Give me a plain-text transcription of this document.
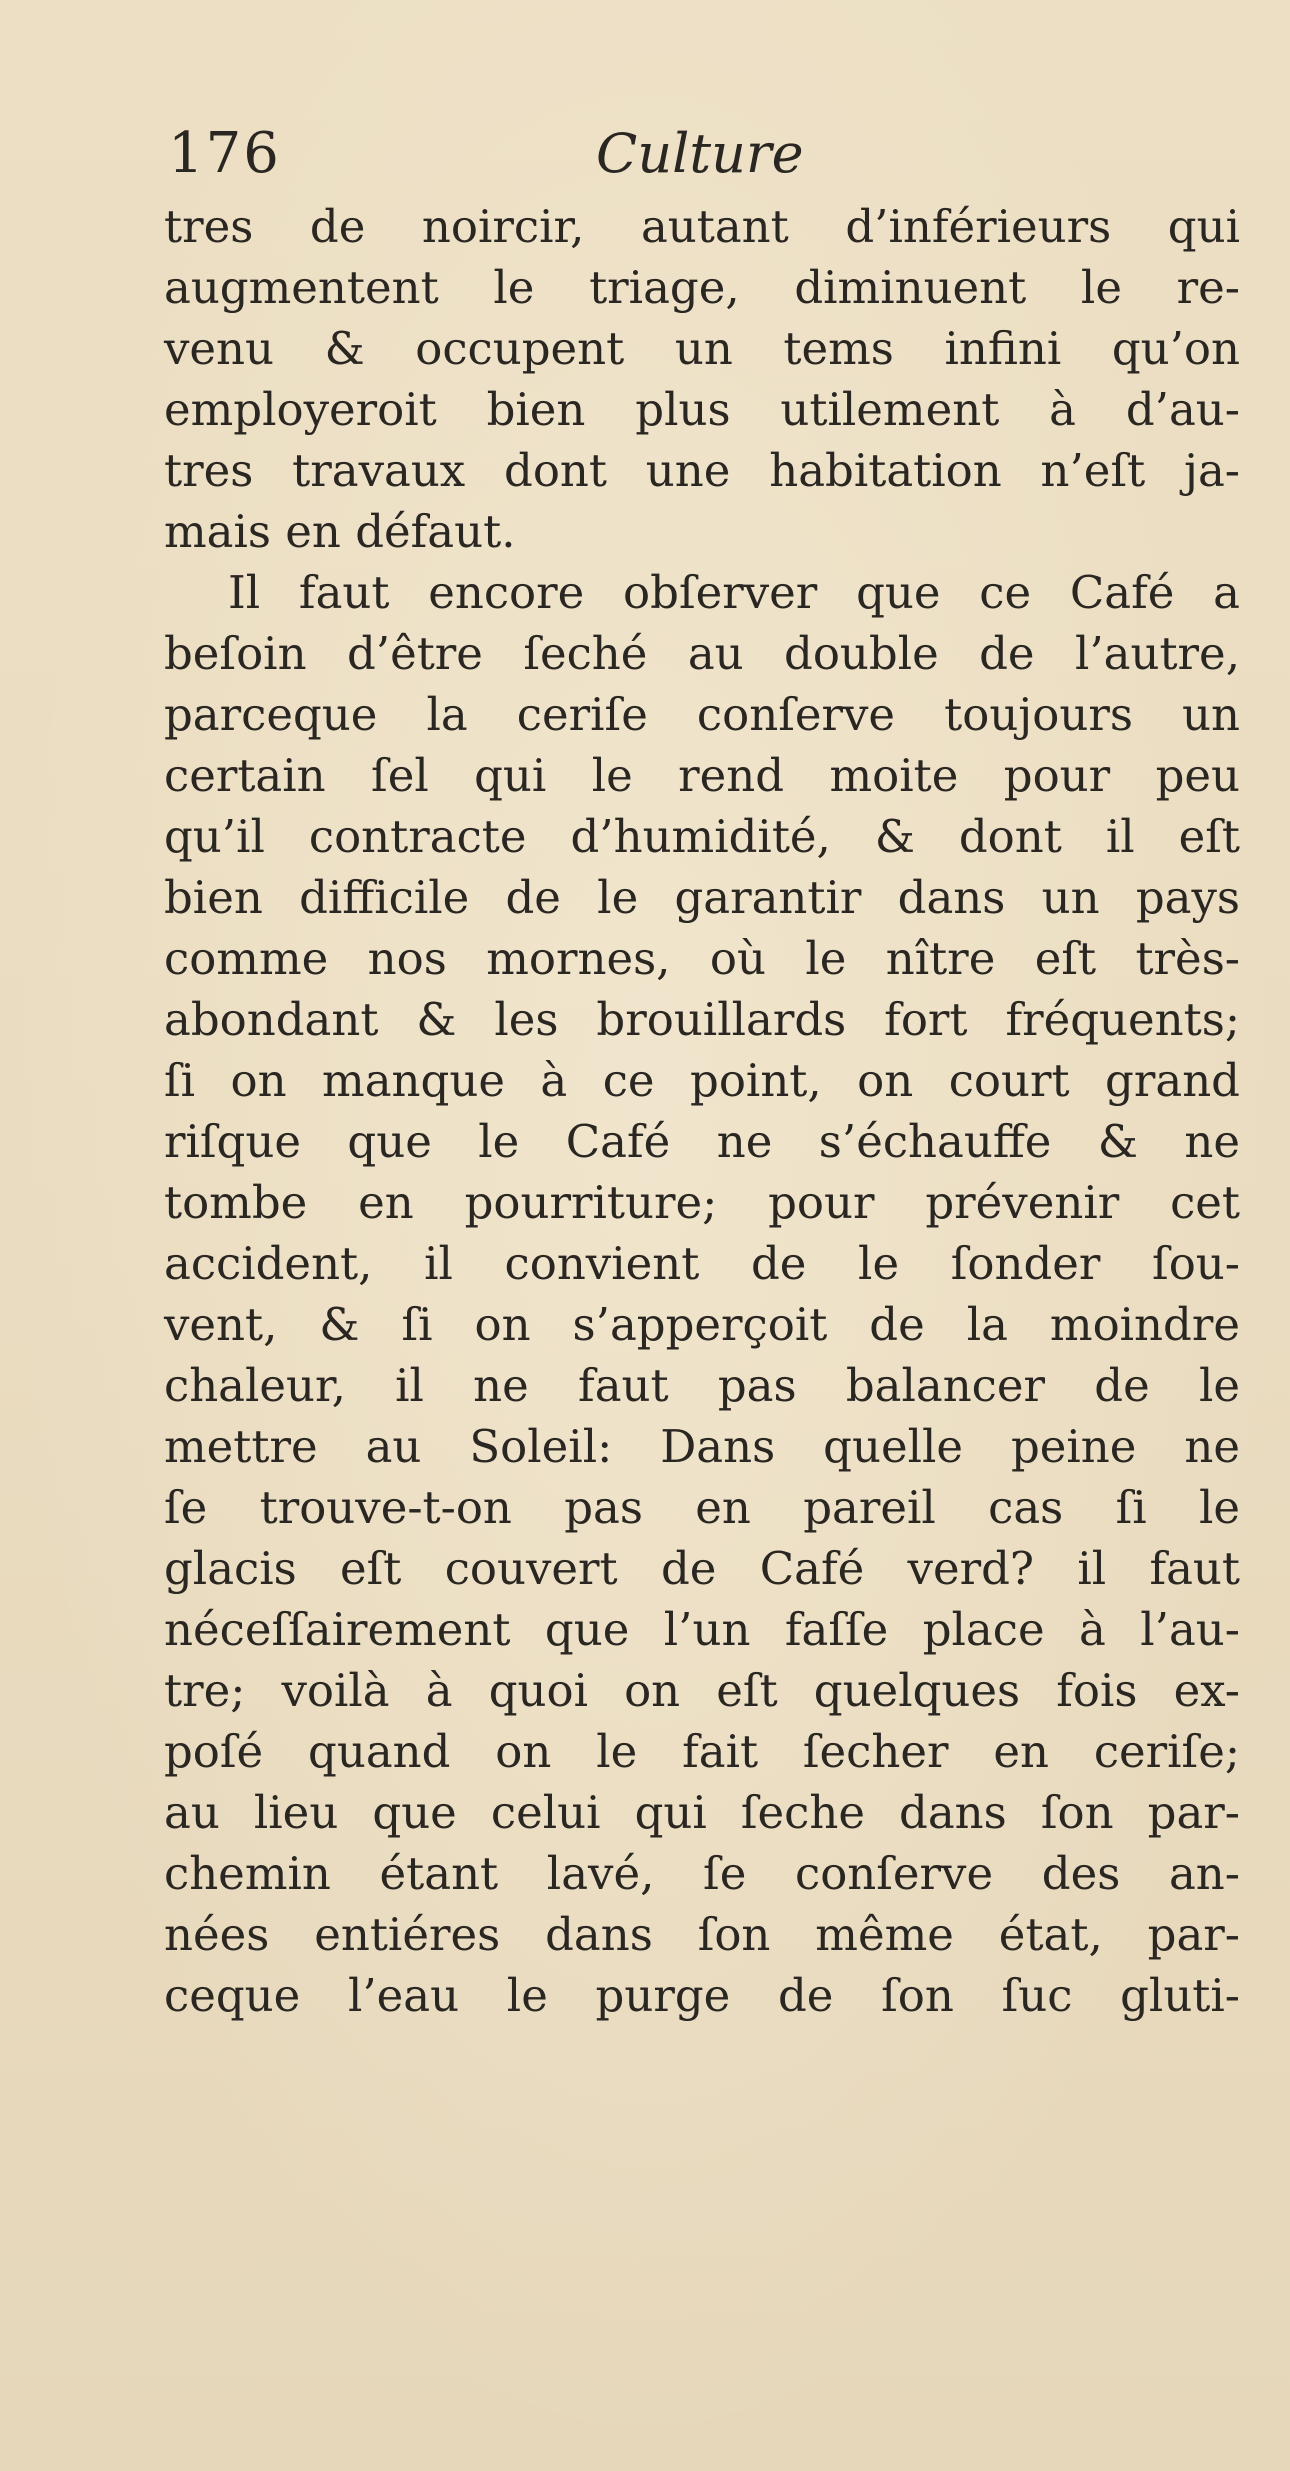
176	Culture
tres de noircir, autant d’inférieurs qui
augmentent le triage, diminuent le re-
venu & occupent un tems infini qu’on
employeroit bien plus utilement à d’au-
tres travaux dont une habitation n’eſt ja-
mais en défaut.
Il faut encore obſerver que ce Café a
beſoin d’être ſeché au double de l’autre,
parceque la ceriſe conſerve toujours un
certain ſel qui le rend moite pour peu
qu’il contracte d’humidité, & dont il eſt
bien difficile de le garantir dans un pays
comme nos mornes, où le nître eſt très-
abondant & les brouillards fort fréquents;
ſi on manque à ce point, on court grand
riſque que le Café ne s’échauffe & ne
tombe en pourriture; pour prévenir cet
accident, il convient de le ſonder ſou-
vent, & ſi on s’apperçoit de la moindre
chaleur, il ne faut pas balancer de le
mettre au Soleil: Dans quelle peine ne
ſe trouve-t-on pas en pareil cas ſi le
glacis eſt couvert de Café verd? il faut
néceſſairement que l’un faſſe place à l’au-
tre; voilà à quoi on eſt quelques fois ex-
poſé quand on le fait ſecher en ceriſe;
au lieu que celui qui ſeche dans ſon par-
chemin étant lavé, ſe conſerve des an-
nées entiéres dans ſon même état, par-
ceque l’eau le purge de ſon ſuc gluti-
